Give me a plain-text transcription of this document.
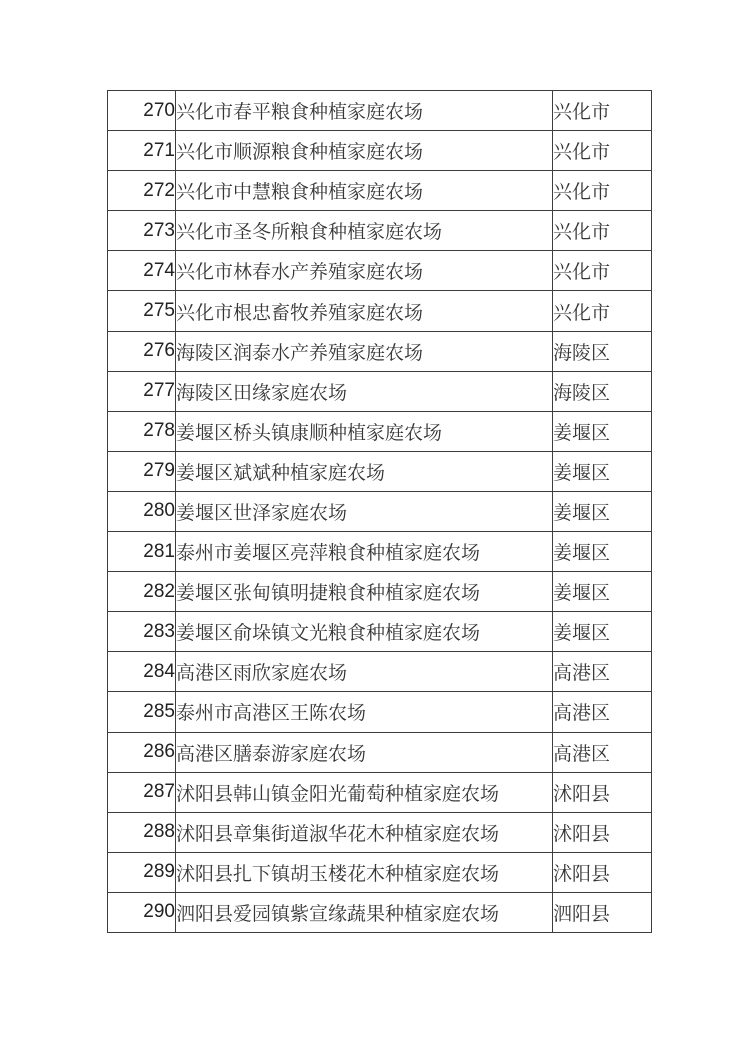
270	兴化市春平粮食种植家庭农场	兴化市
271	兴化市顺源粮食种植家庭农场	兴化市
272	兴化市中慧粮食种植家庭农场	兴化市
273	兴化市圣冬所粮食种植家庭农场	兴化市
274	兴化市林春水产养殖家庭农场	兴化市
275	兴化市根忠畜牧养殖家庭农场	兴化市
276	海陵区润泰水产养殖家庭农场	海陵区
277	海陵区田缘家庭农场	海陵区
278	姜堰区桥头镇康顺种植家庭农场	姜堰区
279	姜堰区斌斌种植家庭农场	姜堰区
280	姜堰区世泽家庭农场	姜堰区
281	泰州市姜堰区亮萍粮食种植家庭农场	姜堰区
282	姜堰区张甸镇明捷粮食种植家庭农场	姜堰区
283	姜堰区俞垛镇文光粮食种植家庭农场	姜堰区
284	高港区雨欣家庭农场	高港区
285	泰州市高港区王陈农场	高港区
286	高港区膳泰游家庭农场	高港区
287	沭阳县韩山镇金阳光葡萄种植家庭农场	沭阳县
288	沭阳县章集街道淑华花木种植家庭农场	沭阳县
289	沭阳县扎下镇胡玉楼花木种植家庭农场	沭阳县
290	泗阳县爱园镇紫宣缘蔬果种植家庭农场	泗阳县
